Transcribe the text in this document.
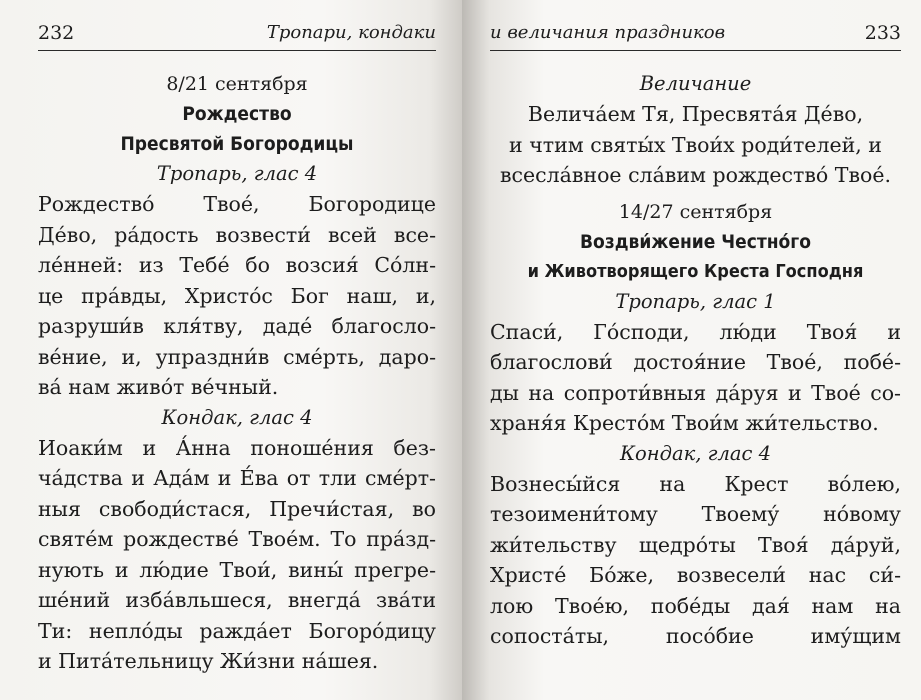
232	Тропари, кондаки
8/21 сентября
Рождество
Пресвятой Богородицы
Тропарь, глас 4

Рождество́ Твое́, Богородице
Де́во, ра́дость возвести́ всей все-
ле́нней: из Тебе́ бо возсия́ Со́лн-
це пра́вды, Христо́с Бог наш, и,
разруши́в кля́тву, даде́ благосло-
ве́ние, и, упраздни́в сме́рть, даро-
ва́ нам живо́т ве́чный.

Кондак, глас 4

Иоаки́м и А́нна поноше́ния без-
ча́дства и Ада́м и Е́ва от тли сме́рт-
ныя свободи́стася, Пречи́стая, во
святе́м рождестве́ Твое́м. То пра́зд-
нують и лю́дие Твои́, вины́ прегре-
ше́ний изба́вльшеся, внегда́ зва́ти
Ти: непло́ды ражда́ет Богоро́дицу
и Пита́тельницу Жи́зни на́шея.

и величания праздников	233
Величание

Велича́ем Тя, Пресвята́я Де́во,
и чтим святы́х Твои́х роди́телей, и
всесла́вное сла́вим рождество́ Твое́.

14/27 сентября
Воздви́жение Честно́го
и Животворящего Креста Господня
Тропарь, глас 1

Спаси́, Го́споди, лю́ди Твоя́ и
благослови́ достоя́ние Твое́, побе́-
ды на сопроти́вныя да́руя и Твое́ со-
храня́я Кресто́м Твои́м жи́тельство.

Кондак, глас 4

Вознесы́йся на Крест во́лею,
тезоимени́тому Твоему́ но́вому
жи́тельству щедро́ты Твоя́ да́руй,
Христе́ Бо́же, возвесели́ нас си́-
лою Твое́ю, побе́ды дая́ нам на
сопоста́ты, посо́бие иму́щим
